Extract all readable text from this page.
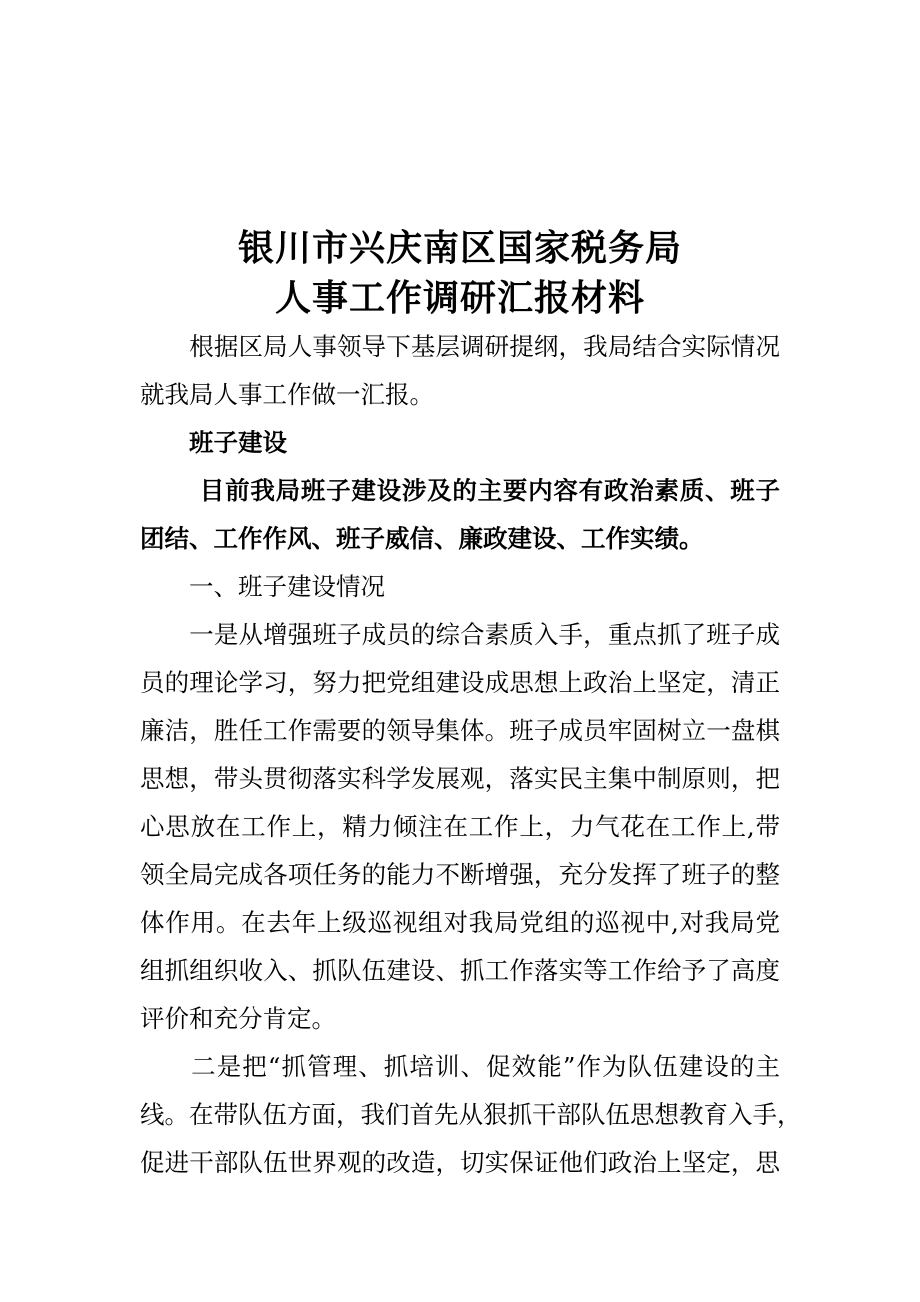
银川市兴庆南区国家税务局
人事工作调研汇报材料
　　根据区局人事领导下基层调研提纲，我局结合实际情况
就我局人事工作做一汇报。
　　班子建设
　　 目前我局班子建设涉及的主要内容有政治素质、班子
团结、工作作风、班子威信、廉政建设、工作实绩。
　　一、班子建设情况
　　一是从增强班子成员的综合素质入手，重点抓了班子成
员的理论学习，努力把党组建设成思想上政治上坚定，清正
廉洁，胜任工作需要的领导集体。班子成员牢固树立一盘棋
思想，带头贯彻落实科学发展观，落实民主集中制原则，把
心思放在工作上，精力倾注在工作上，力气花在工作上,带
领全局完成各项任务的能力不断增强，充分发挥了班子的整
体作用。在去年上级巡视组对我局党组的巡视中,对我局党
组抓组织收入、抓队伍建设、抓工作落实等工作给予了高度
评价和充分肯定。
　　二是把“抓管理、抓培训、促效能”作为队伍建设的主
线。在带队伍方面，我们首先从狠抓干部队伍思想教育入手，
促进干部队伍世界观的改造，切实保证他们政治上坚定，思
